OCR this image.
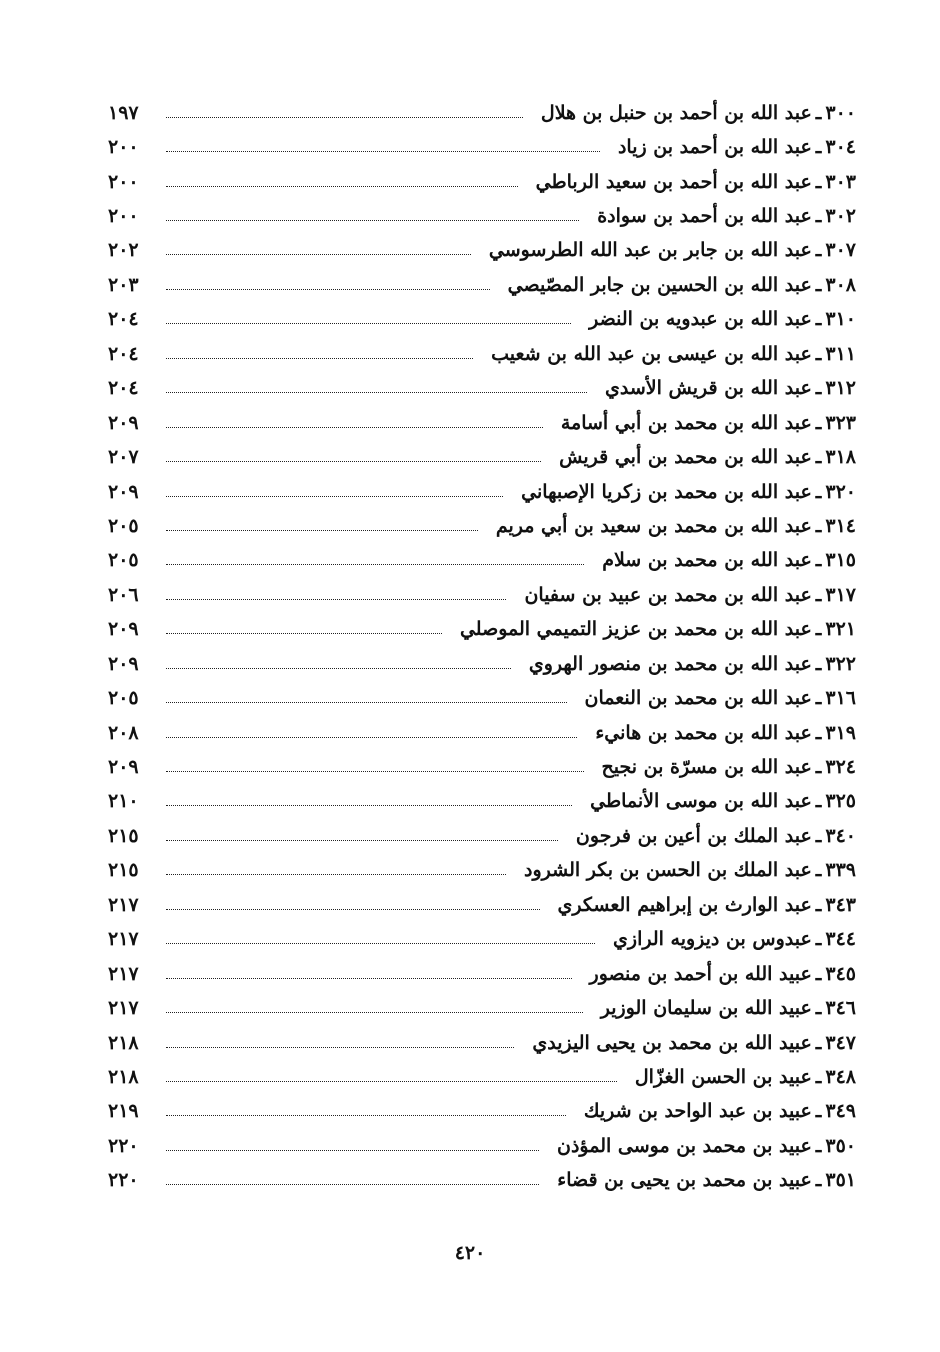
٣٠٠
ـ
عبد الله بن أحمد بن حنبل بن هلال
١٩٧
٣٠٤
ـ
عبد الله بن أحمد بن زياد
٢٠٠
٣٠٣
ـ
عبد الله بن أحمد بن سعيد الرباطي
٢٠٠
٣٠٢
ـ
عبد الله بن أحمد بن سوادة
٢٠٠
٣٠٧
ـ
عبد الله بن جابر بن عبد الله الطرسوسي
٢٠٢
٣٠٨
ـ
عبد الله بن الحسين بن جابر المصّيصي
٢٠٣
٣١٠
ـ
عبد الله بن عبدويه بن النضر
٢٠٤
٣١١
ـ
عبد الله بن عيسى بن عبد الله بن شعيب
٢٠٤
٣١٢
ـ
عبد الله بن قريش الأسدي
٢٠٤
٣٢٣
ـ
عبد الله بن محمد بن أبي أسامة
٢٠٩
٣١٨
ـ
عبد الله بن محمد بن أبي قريش
٢٠٧
٣٢٠
ـ
عبد الله بن محمد بن زكريا الإصبهاني
٢٠٩
٣١٤
ـ
عبد الله بن محمد بن سعيد بن أبي مريم
٢٠٥
٣١٥
ـ
عبد الله بن محمد بن سلام
٢٠٥
٣١٧
ـ
عبد الله بن محمد بن عبيد بن سفيان
٢٠٦
٣٢١
ـ
عبد الله بن محمد بن عزيز التميمي الموصلي
٢٠٩
٣٢٢
ـ
عبد الله بن محمد بن منصور الهروي
٢٠٩
٣١٦
ـ
عبد الله بن محمد بن النعمان
٢٠٥
٣١٩
ـ
عبد الله بن محمد بن هانيء
٢٠٨
٣٢٤
ـ
عبد الله بن مسرّة بن نجيح
٢٠٩
٣٢٥
ـ
عبد الله بن موسى الأنماطي
٢١٠
٣٤٠
ـ
عبد الملك بن أعين بن فرجون
٢١٥
٣٣٩
ـ
عبد الملك بن الحسن بن بكر الشرود
٢١٥
٣٤٣
ـ
عبد الوارث بن إبراهيم العسكري
٢١٧
٣٤٤
ـ
عبدوس بن ديزويه الرازي
٢١٧
٣٤٥
ـ
عبيد الله بن أحمد بن منصور
٢١٧
٣٤٦
ـ
عبيد الله بن سليمان الوزير
٢١٧
٣٤٧
ـ
عبيد الله بن محمد بن يحيى اليزيدي
٢١٨
٣٤٨
ـ
عبيد بن الحسن الغزّال
٢١٨
٣٤٩
ـ
عبيد بن عبد الواحد بن شريك
٢١٩
٣٥٠
ـ
عبيد بن محمد بن موسى المؤذن
٢٢٠
٣٥١
ـ
عبيد بن محمد بن يحيى بن قضاء
٢٢٠
٤٢٠
